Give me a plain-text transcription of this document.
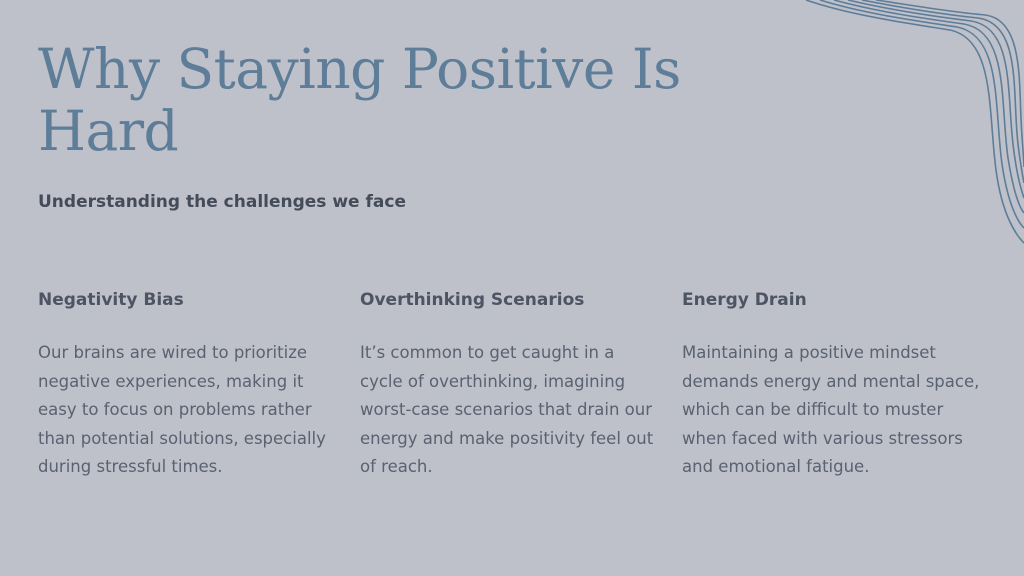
Why Staying Positive Is Hard

Understanding the challenges we face

Negativity Bias

Our brains are wired to prioritize negative experiences, making it easy to focus on problems rather than potential solutions, especially during stressful times.

Overthinking Scenarios

It’s common to get caught in a cycle of overthinking, imagining worst-case scenarios that drain our energy and make positivity feel out of reach.

Energy Drain

Maintaining a positive mindset demands energy and mental space, which can be difficult to muster when faced with various stressors and emotional fatigue.
